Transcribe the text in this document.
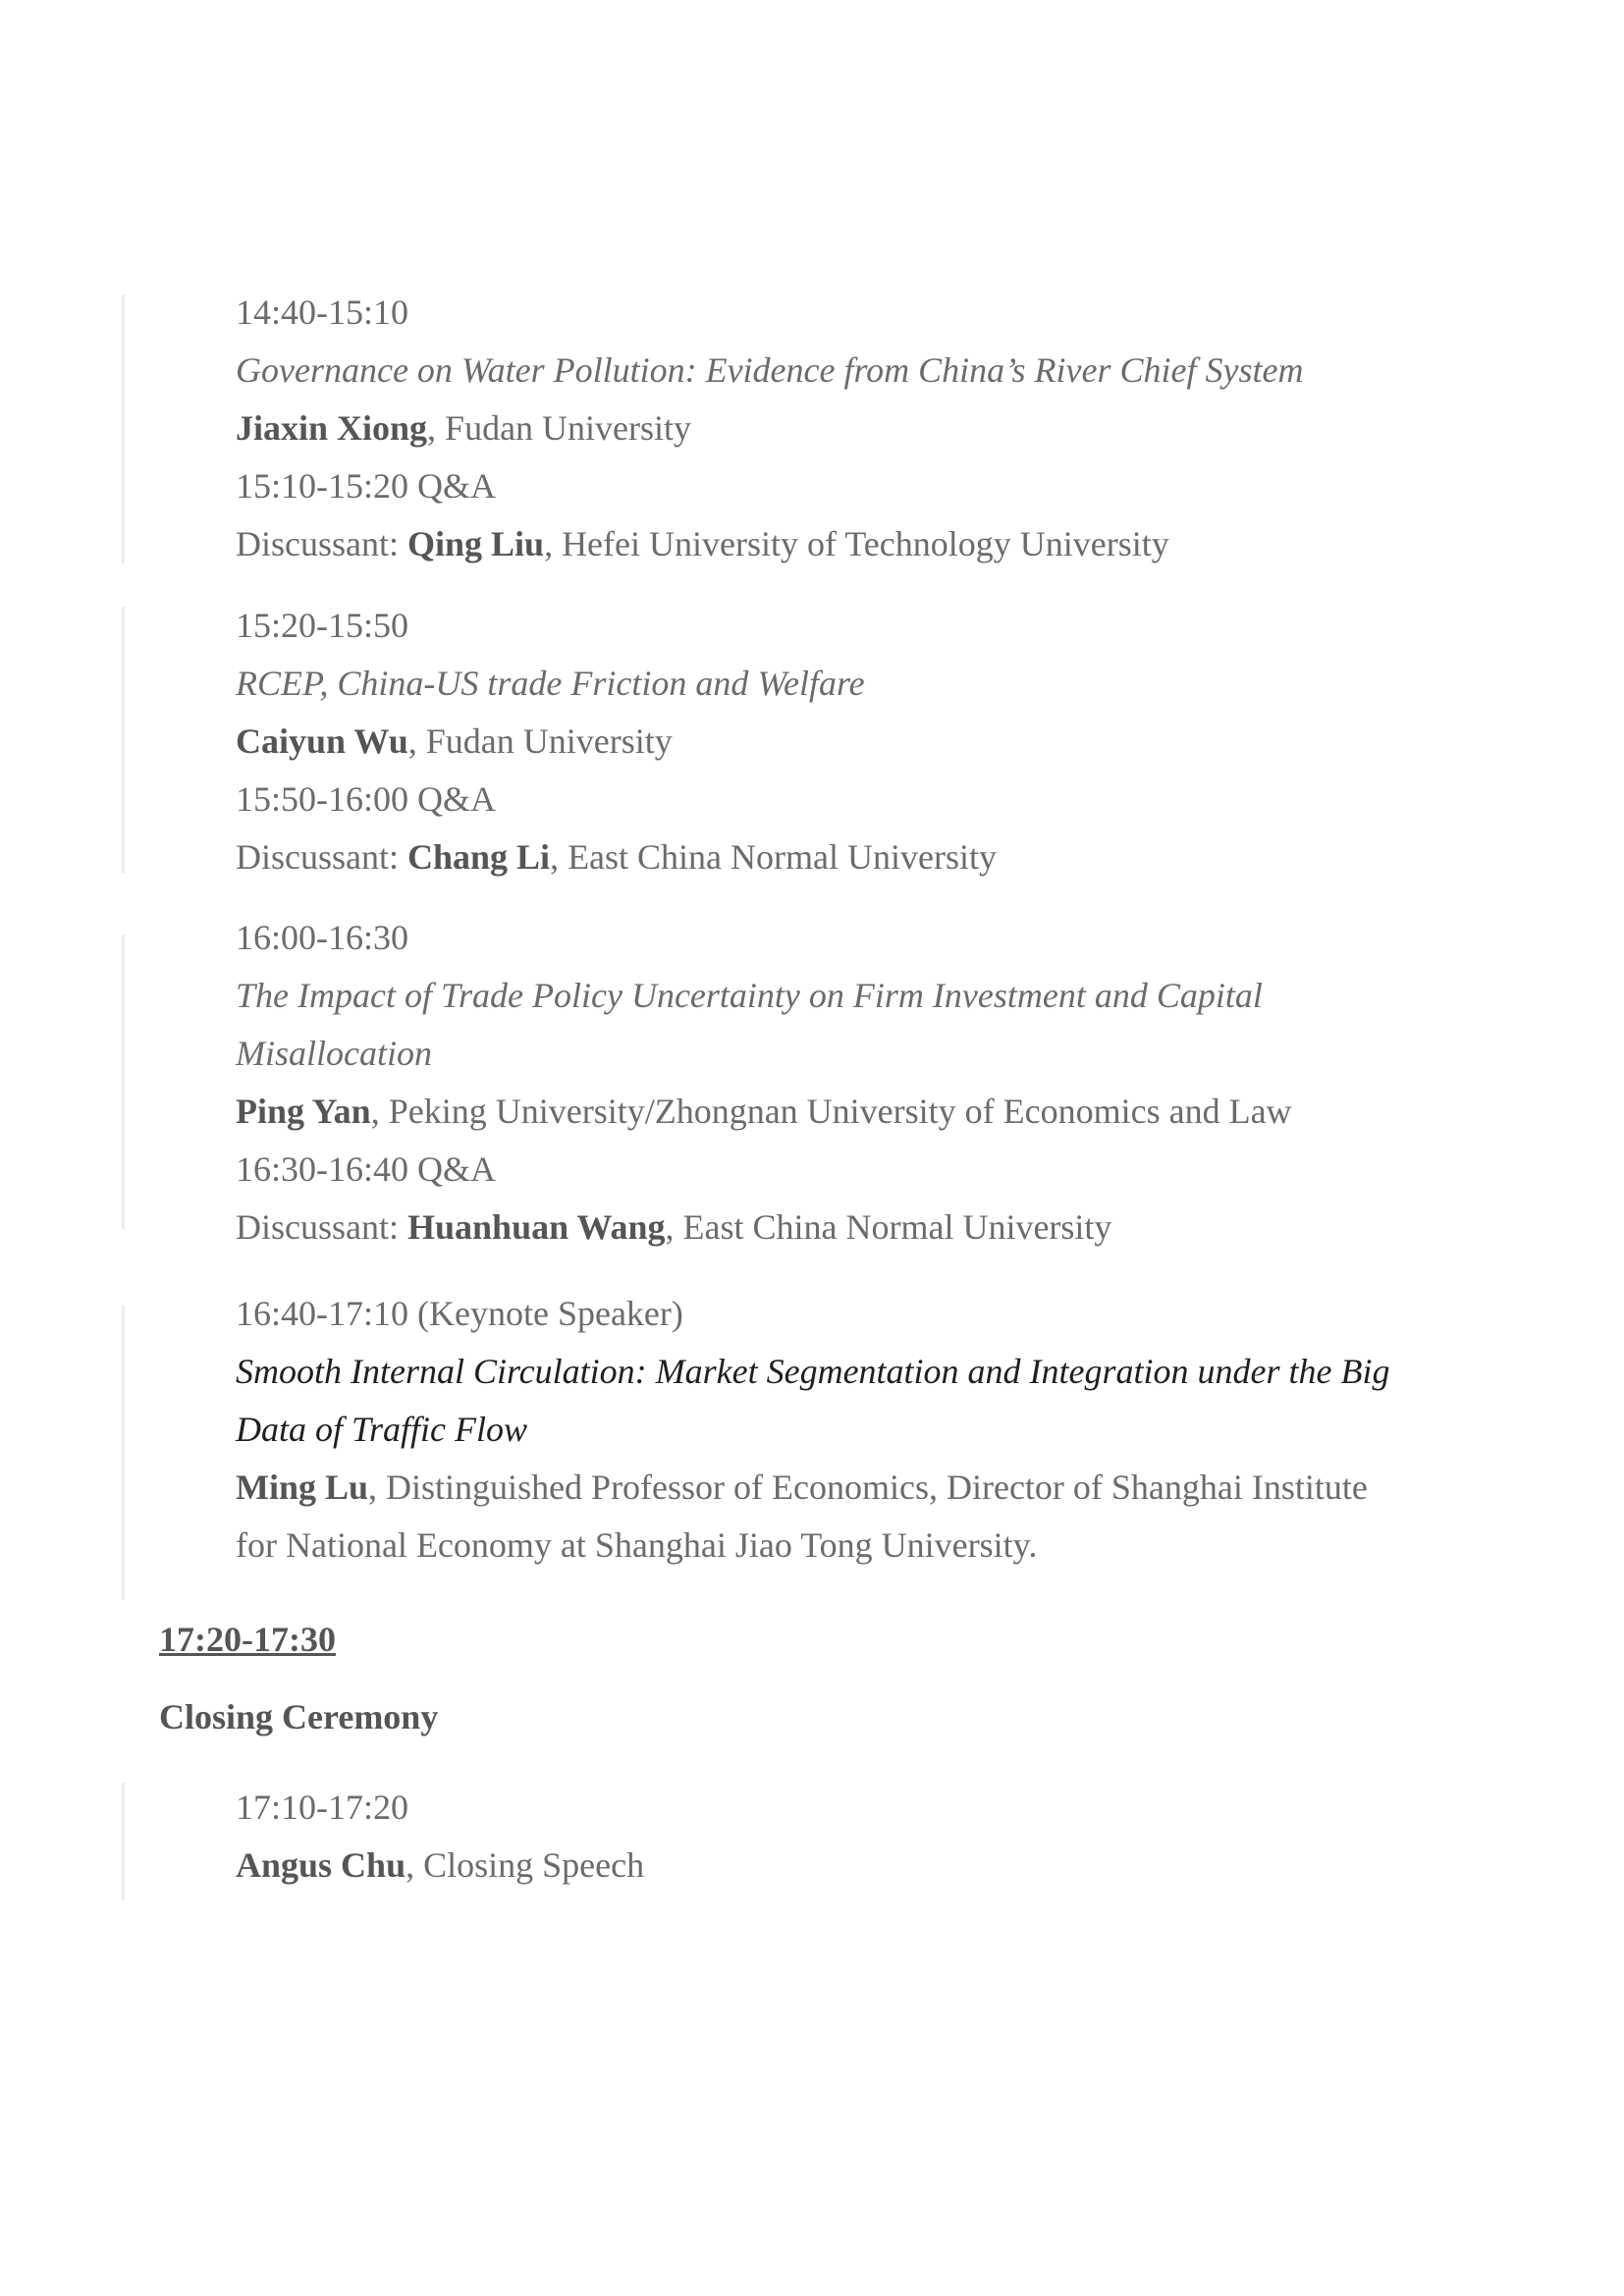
14:40-15:10
Governance on Water Pollution: Evidence from China’s River Chief System
Jiaxin Xiong, Fudan University
15:10-15:20 Q&A
Discussant: Qing Liu, Hefei University of Technology University
15:20-15:50
RCEP, China-US trade Friction and Welfare
Caiyun Wu, Fudan University
15:50-16:00 Q&A
Discussant: Chang Li, East China Normal University
16:00-16:30
The Impact of Trade Policy Uncertainty on Firm Investment and Capital
Misallocation
Ping Yan, Peking University/Zhongnan University of Economics and Law
16:30-16:40 Q&A
Discussant: Huanhuan Wang, East China Normal University
16:40-17:10 (Keynote Speaker)
Smooth Internal Circulation: Market Segmentation and Integration under the Big
Data of Traffic Flow
Ming Lu, Distinguished Professor of Economics, Director of Shanghai Institute
for National Economy at Shanghai Jiao Tong University.
17:20-17:30
Closing Ceremony
17:10-17:20
Angus Chu, Closing Speech
